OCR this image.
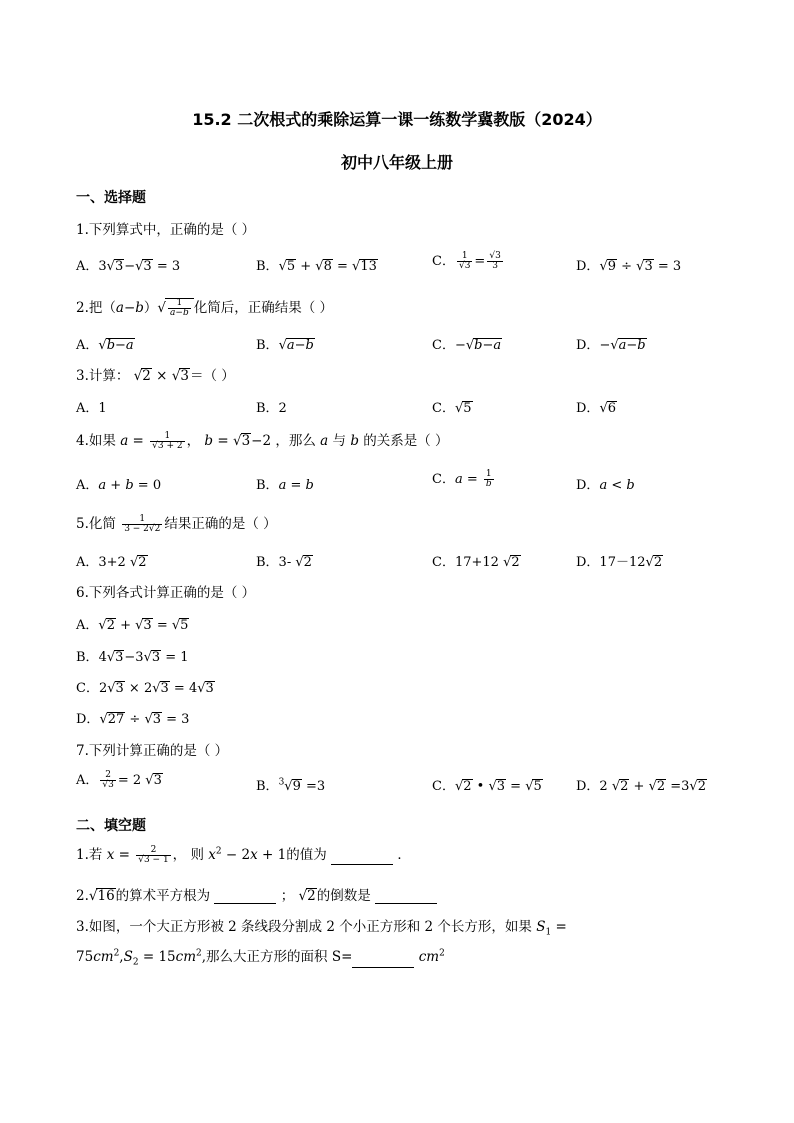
15.2 二次根式的乘除运算一课一练数学冀教版（2024）
初中八年级上册
一、选择题
1.下列算式中，正确的是（ ）
A．3√3−√3 = 3	B．√5 + √8 = √13	C． $\frac{1}{√3} = \frac{√3}{3}$	D．√9 ÷ √3 = 3
2.把$(a-b)√ \frac{1}{a-b}$ 化简后，正确结果（ ）
A．√b−a	B．√a−b	C．−√b−a	D．−√a−b
3.计算： √2 × √3＝（ ）
A．1	B．2	C．√5	D．√6
4.如果 $a = \frac{1}{√3 + 2}$ ， b = √3−2 ，那么 a 与 b 的关系是（ ）
A．a + b = 0	B．a = b	C．$a = \frac{1}{b}$	D．a < b
5.化简 $\frac{1}{3 - 2√2}$ 结果正确的是（ ）
A．3+2 √2	B．3- √2	C．17+12 √2	D．17－12√2
6.下列各式计算正确的是（ ）
A．√2 + √3 = √5
B．4√3−3√3 = 1
C．2√3 × 2√3 = 4√3
D．√27 ÷ √3 = 3
7.下列计算正确的是（ ）
A． $\frac{2}{√3} = 2$ √3	B．$^3$√9 =3	C．√2 • √3 = √5	D．2 √2 + √2 =3√2
二、填空题
1.若 $x = \frac{2}{√3 - 1}$ ， 则 $x^2 - 2x + 1$的值为	．
2.√16的算术平方根为	； √2的倒数是
3.如图，一个大正方形被 2 条线段分割成 2 个小正方形和 2 个长方形，如果 $S_1$ =
$75cm^2,S_2 = 15cm^2$,那么大正方形的面积 S=	$cm^2$
